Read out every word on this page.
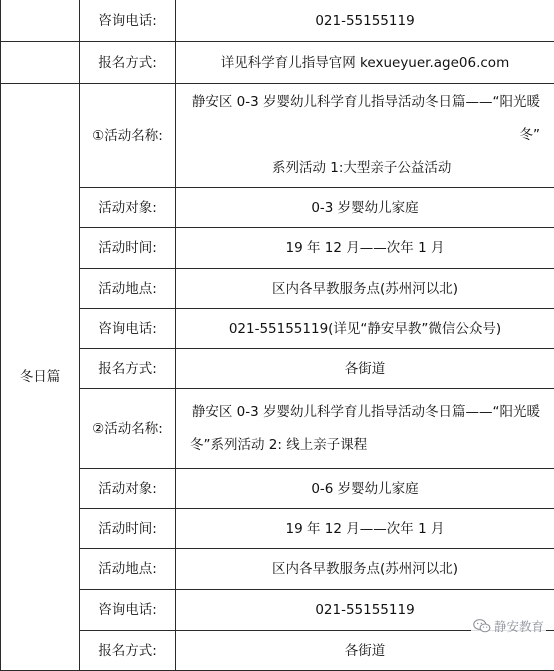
	咨询电话:	021-55155119
	报名方式:	详见科学育儿指导官网 kexueyuer.age06.com
冬日篇	①活动名称:	静安区 0-3 岁婴幼儿科学育儿指导活动冬日篇——“阳光暖冬”
系列活动 1:大型亲子公益活动

	活动对象:	0-3 岁婴幼儿家庭
	活动时间:	19 年 12 月——次年 1 月
	活动地点:	区内各早教服务点(苏州河以北)
	咨询电话:	021-55155119(详见“静安早教”微信公众号)
	报名方式:	各街道
	②活动名称:	静安区 0-3 岁婴幼儿科学育儿指导活动冬日篇——“阳光暖
冬”系列活动 2: 线上亲子课程

	活动对象:	0-6 岁婴幼儿家庭
	活动时间:	19 年 12 月——次年 1 月
	活动地点:	区内各早教服务点(苏州河以北)
	咨询电话:	021-55155119
	报名方式:	各街道
静安教育
